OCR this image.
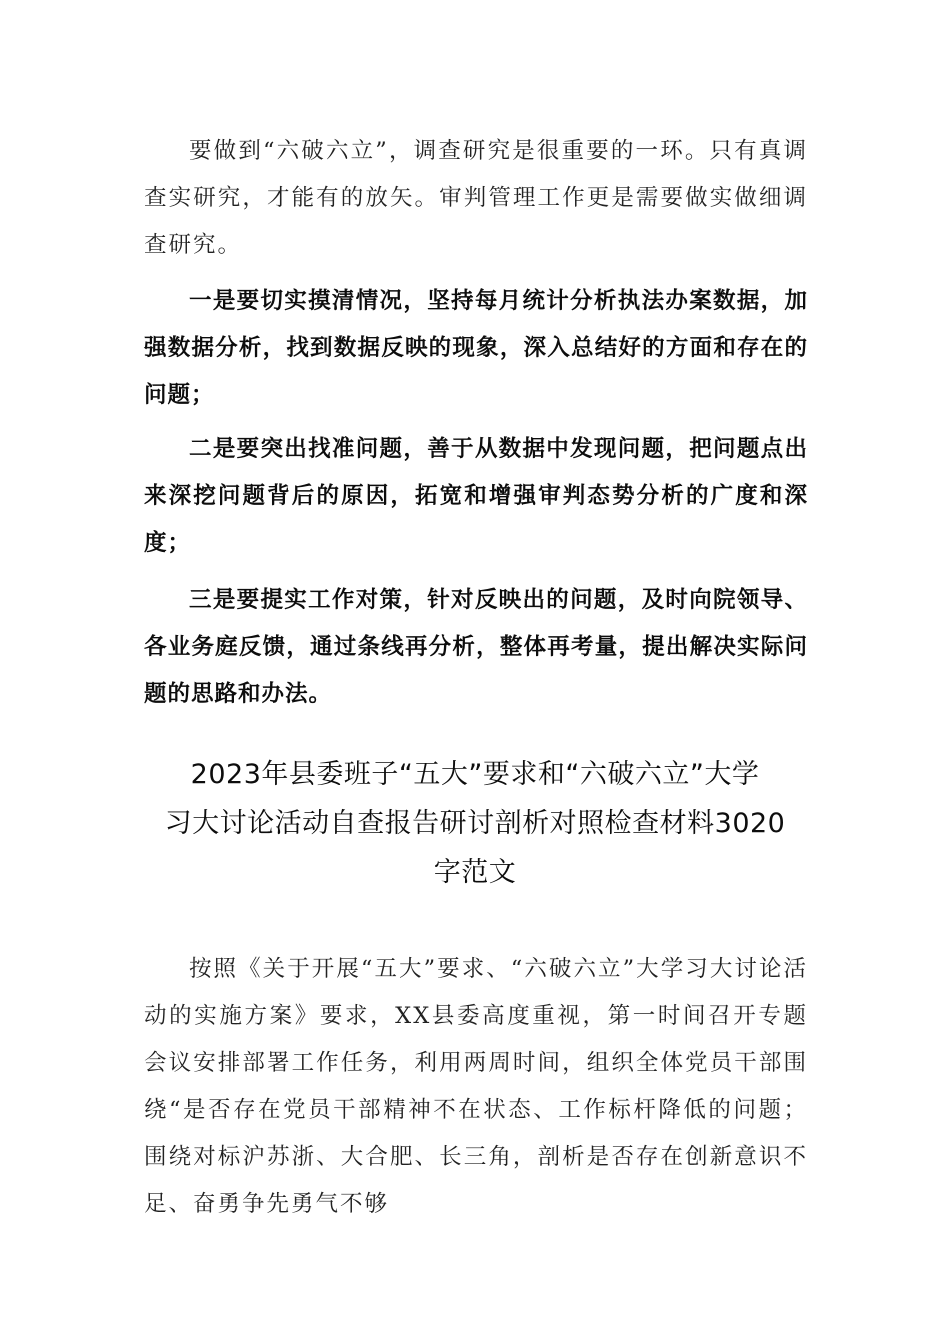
要做到“六破六立”，调查研究是很重要的一环。只有真调查实研究，才能有的放矢。审判管理工作更是需要做实做细调查研究。

一是要切实摸清情况，坚持每月统计分析执法办案数据，加强数据分析，找到数据反映的现象，深入总结好的方面和存在的问题；

二是要突出找准问题，善于从数据中发现问题，把问题点出来深挖问题背后的原因，拓宽和增强审判态势分析的广度和深度；

三是要提实工作对策，针对反映出的问题，及时向院领导、各业务庭反馈，通过条线再分析，整体再考量，提出解决实际问题的思路和办法。

2023年县委班子“五大”要求和“六破六立”大学
习大讨论活动自查报告研讨剖析对照检查材料3020
字范文

按照《关于开展“五大”要求、“六破六立”大学习大讨论活动的实施方案》要求，XX县委高度重视，第一时间召开专题会议安排部署工作任务，利用两周时间，组织全体党员干部围绕“是否存在党员干部精神不在状态、工作标杆降低的问题；围绕对标沪苏浙、大合肥、长三角，剖析是否存在创新意识不足、奋勇争先勇气不够
